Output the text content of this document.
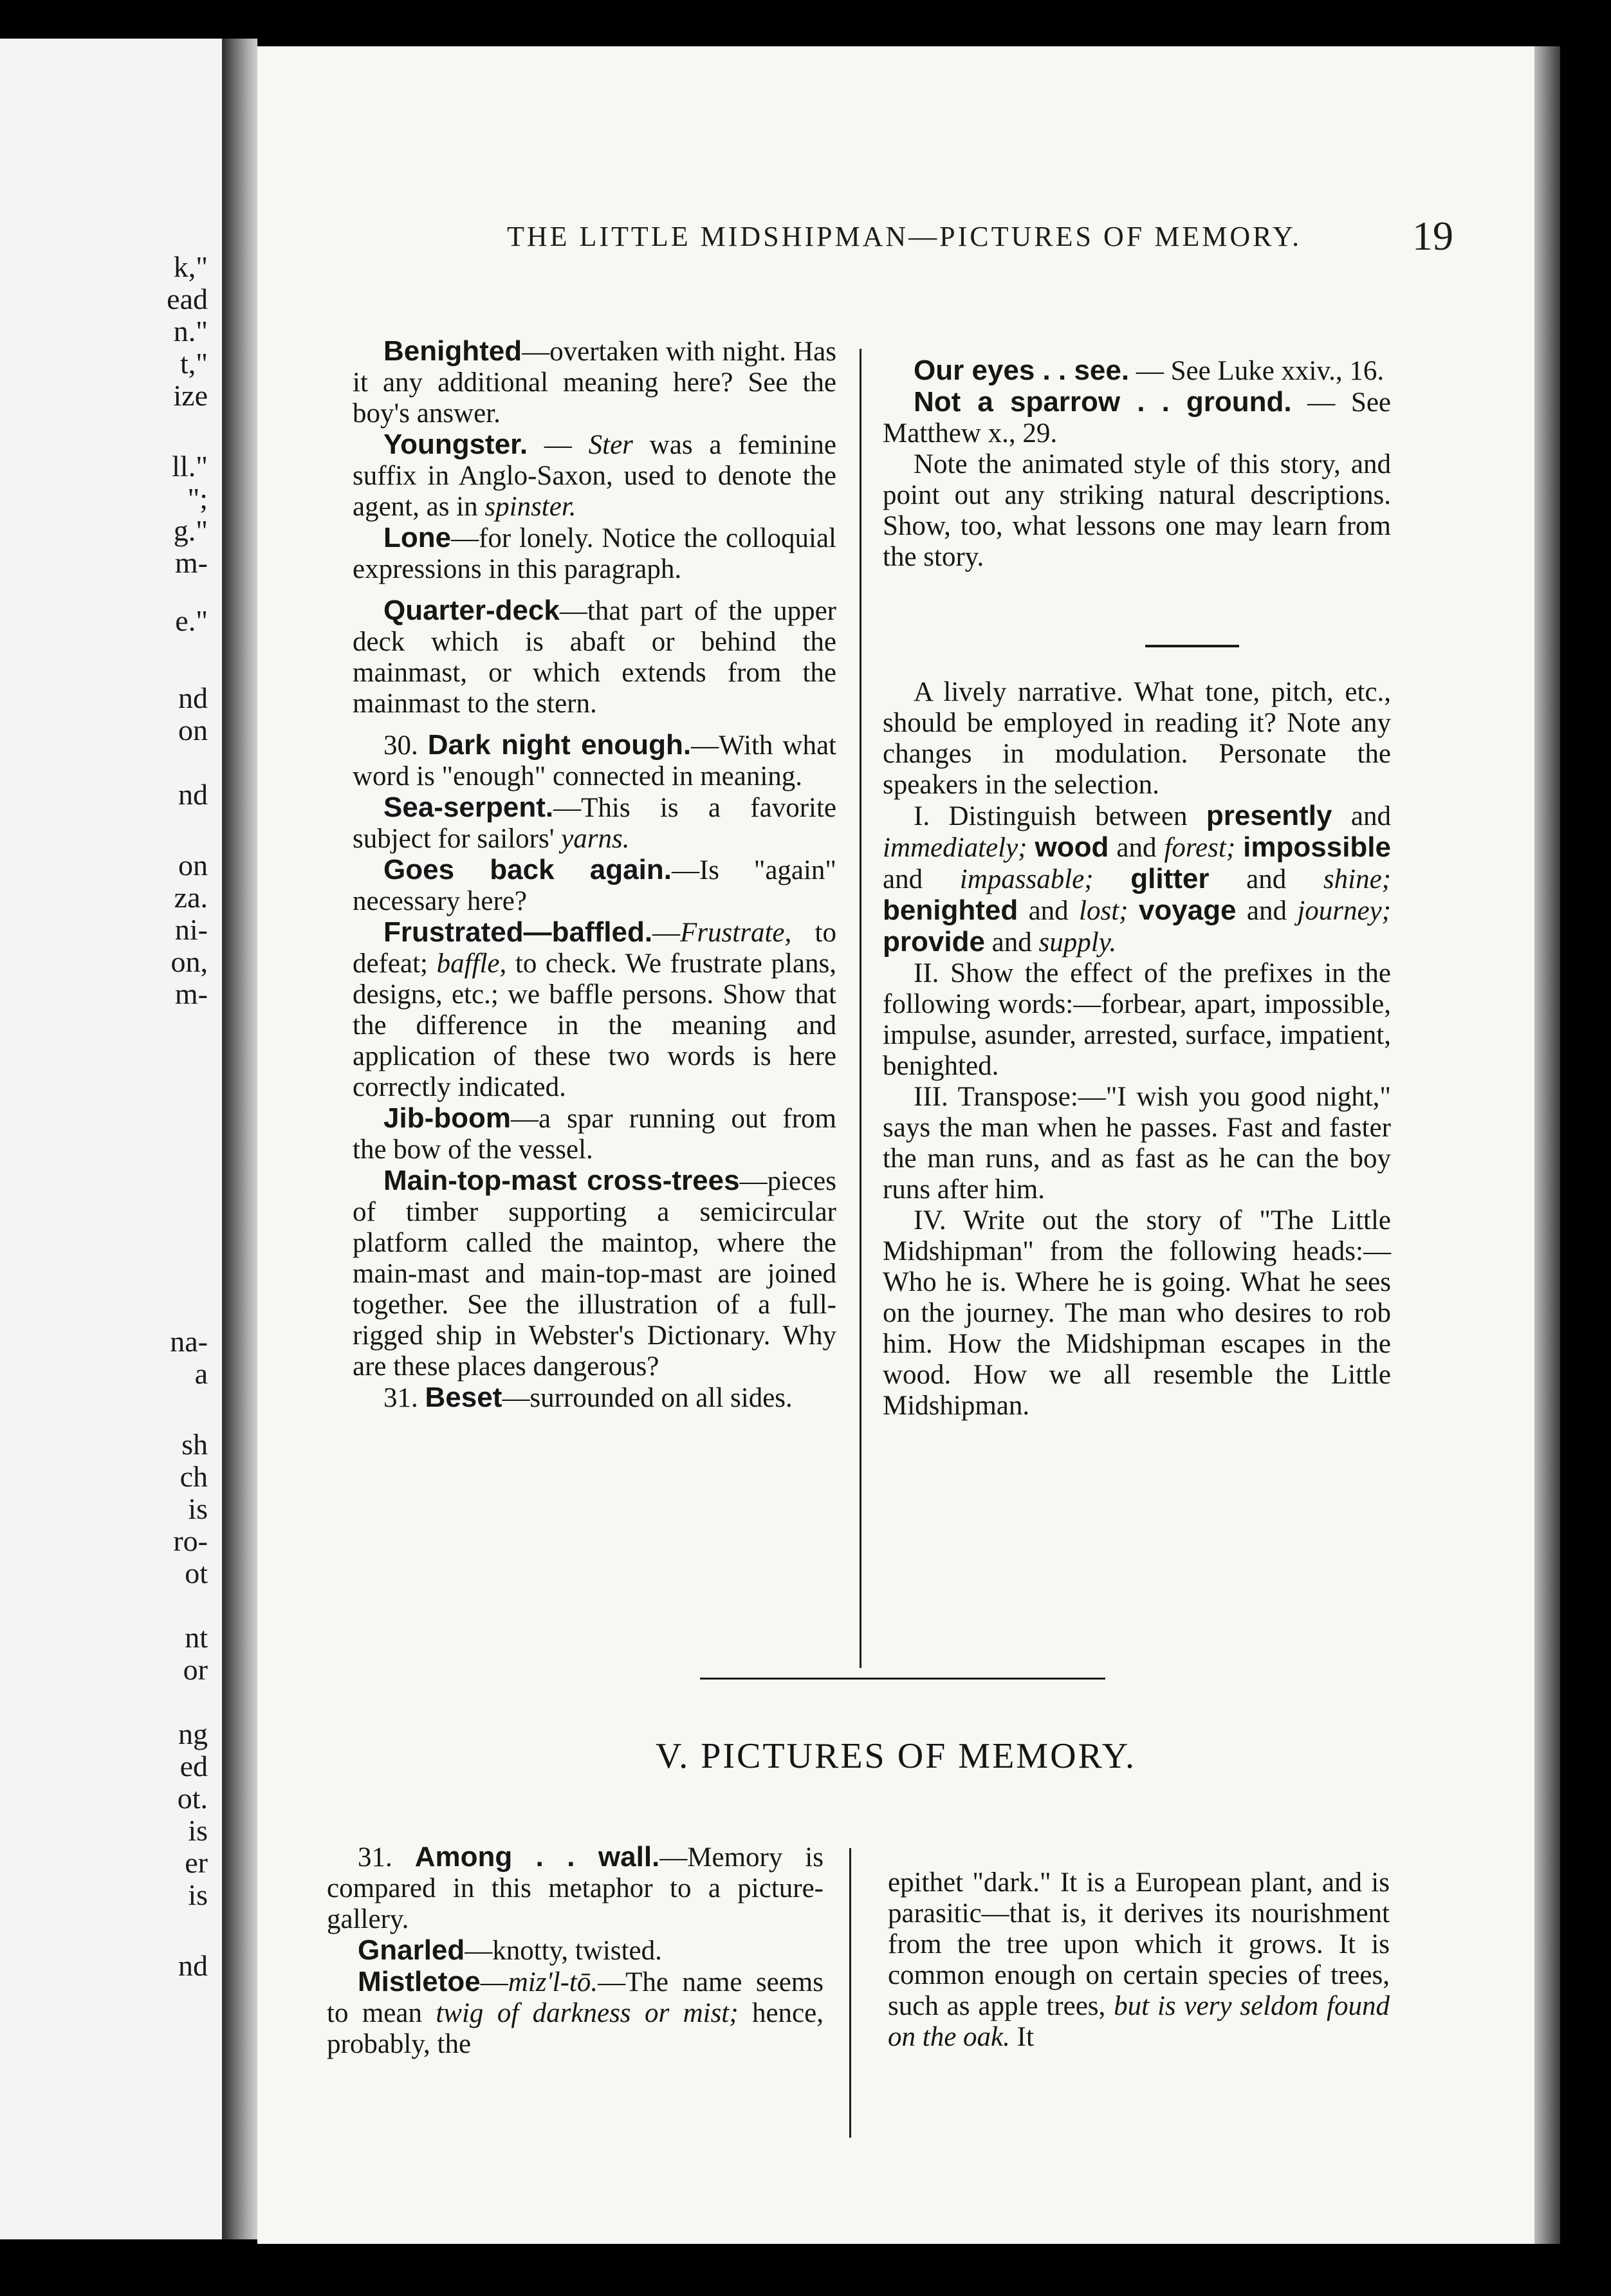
k,"
ead
n."
t,"
ize
ll."
";
g."
m-
e."
nd
on
nd
on
za.
ni-
on,
m-
na-
a
sh
ch
is
ro-
ot
nt
or
ng
ed
ot.
is
er
is
nd
THE LITTLE MIDSHIPMAN—PICTURES OF MEMORY.	19

Benighted—overtaken with night. Has it any additional meaning here? See the boy's answer.

Youngster. — Ster was a feminine suffix in Anglo-Saxon, used to denote the agent, as in spinster.

Lone—for lonely. Notice the colloquial expressions in this paragraph.

Quarter-deck—that part of the upper deck which is abaft or behind the mainmast, or which extends from the mainmast to the stern.

30. Dark night enough.—With what word is "enough" connected in meaning.

Sea-serpent.—This is a favorite subject for sailors' yarns.

Goes back again.—Is "again" necessary here?

Frustrated—baffled.—Frustrate, to defeat; baffle, to check. We frustrate plans, designs, etc.; we baffle persons. Show that the difference in the meaning and application of these two words is here correctly indicated.

Jib-boom—a spar running out from the bow of the vessel.

Main-top-mast cross-trees—pieces of timber supporting a semicircular platform called the maintop, where the main-mast and main-top-mast are joined together. See the illustration of a full-rigged ship in Webster's Dictionary. Why are these places dangerous?

31. Beset—surrounded on all sides.

Our eyes . . see. — See Luke xxiv., 16.

Not a sparrow . . ground. — See Matthew x., 29.

Note the animated style of this story, and point out any striking natural descriptions. Show, too, what lessons one may learn from the story.

A lively narrative. What tone, pitch, etc., should be employed in reading it? Note any changes in modulation. Personate the speakers in the selection.

I. Distinguish between presently and immediately; wood and forest; impossible and impassable; glitter and shine; benighted and lost; voyage and journey; provide and supply.

II. Show the effect of the prefixes in the following words:—forbear, apart, impossible, impulse, asunder, arrested, surface, impatient, benighted.

III. Transpose:—"I wish you good night," says the man when he passes. Fast and faster the man runs, and as fast as he can the boy runs after him.

IV. Write out the story of "The Little Midshipman" from the following heads:—Who he is. Where he is going. What he sees on the journey. The man who desires to rob him. How the Midshipman escapes in the wood. How we all resemble the Little Midshipman.

V. PICTURES OF MEMORY.

31. Among . . wall.—Memory is compared in this metaphor to a picture-gallery.

Gnarled—knotty, twisted.

Mistletoe—miz'l-tō.—The name seems to mean twig of darkness or mist; hence, probably, the

epithet "dark." It is a European plant, and is parasitic—that is, it derives its nourishment from the tree upon which it grows. It is common enough on certain species of trees, such as apple trees, but is very seldom found on the oak. It
